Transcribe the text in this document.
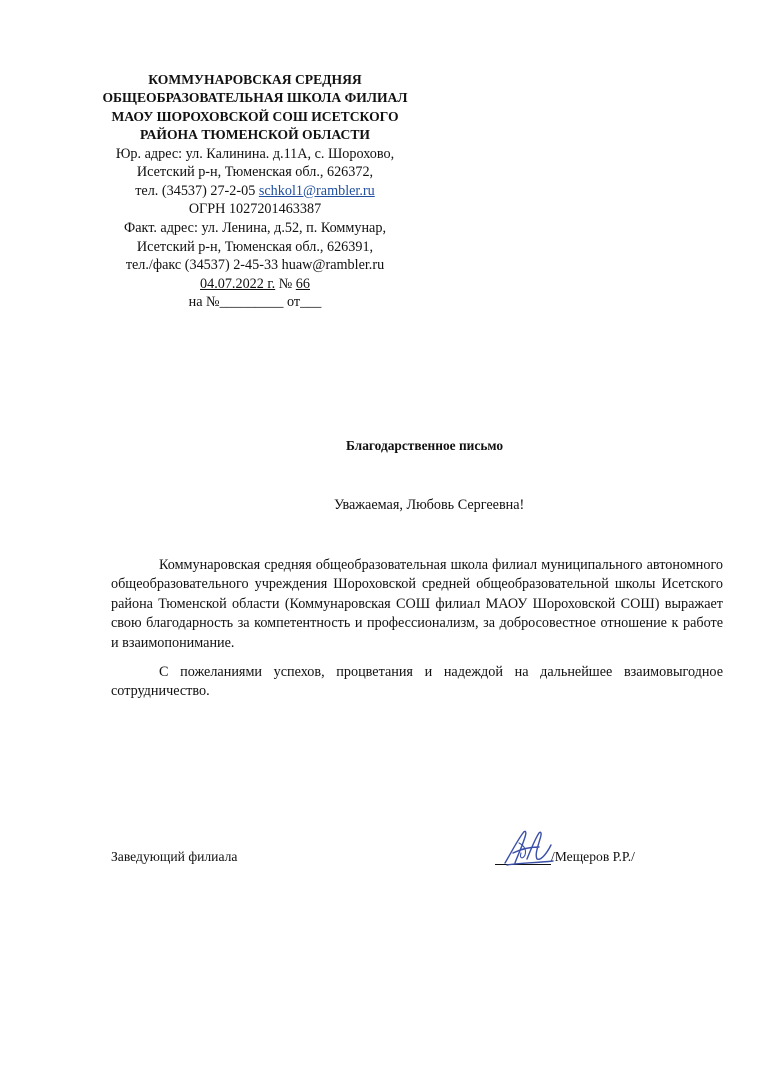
КОММУНАРОВСКАЯ СРЕДНЯЯ
ОБЩЕОБРАЗОВАТЕЛЬНАЯ ШКОЛА ФИЛИАЛ
МАОУ ШОРОХОВСКОЙ СОШ ИСЕТСКОГО
РАЙОНА ТЮМЕНСКОЙ ОБЛАСТИ
Юр. адрес: ул. Калинина. д.11А, с. Шорохово,
Исетский р-н, Тюменская обл., 626372,
тел. (34537) 27-2-05 schkol1@rambler.ru
ОГРН 1027201463387
Факт. адрес: ул. Ленина, д.52, п. Коммунар,
Исетский р-н, Тюменская обл., 626391,
тел./факс (34537) 2-45-33 huaw@rambler.ru
04.07.2022 г. № 66
на №_________ от___
Благодарственное письмо
Уважаемая, Любовь Сергеевна!

Коммунаровская средняя общеобразовательная школа филиал муниципального автономного общеобразовательного учреждения Шороховской средней общеобразовательной школы Исетского района Тюменской области (Коммунаровская СОШ филиал МАОУ Шороховской СОШ) выражает свою благодарность за компетентность и профессионализм, за добросовестное отношение к работе и взаимопонимание.

С пожеланиями успехов, процветания и надеждой на дальнейшее взаимовыгодное сотрудничество.

Заведующий филиала	/Мещеров Р.Р./
